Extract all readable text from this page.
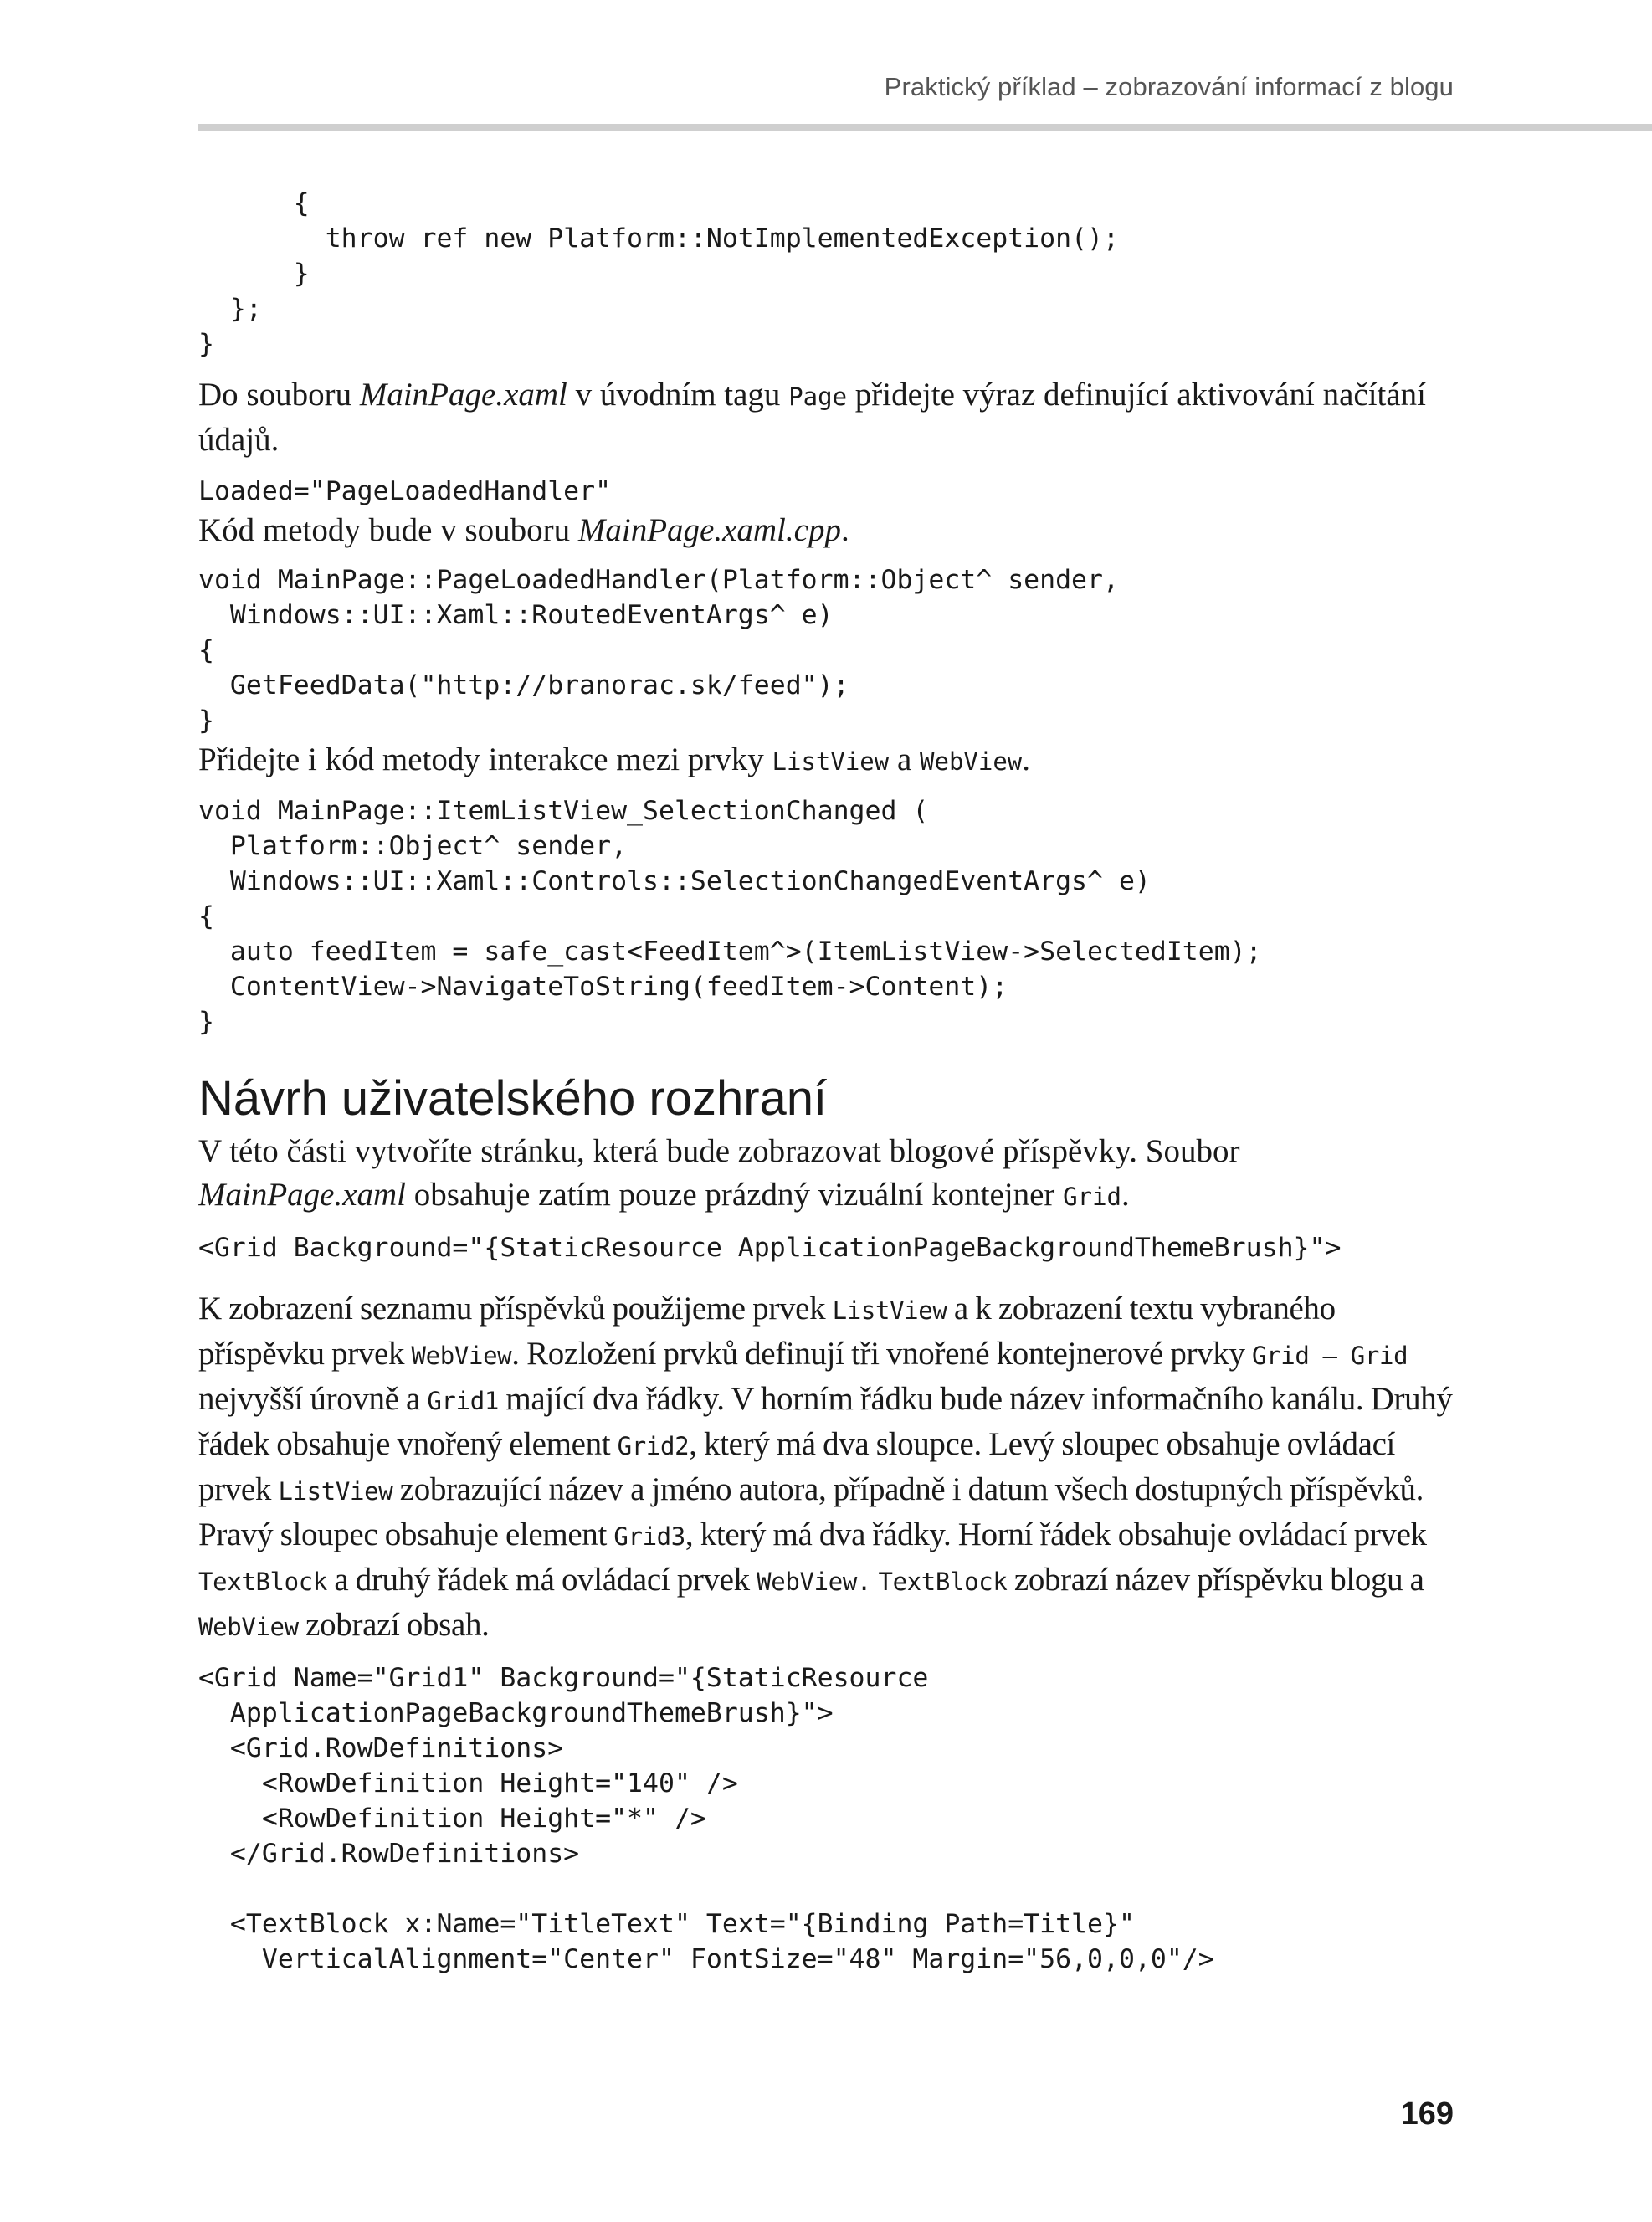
Praktický příklad – zobrazování informací z blogu
{
throw ref new Platform::NotImplementedException();
}
};
}

Do souboru MainPage.xaml v úvodním tagu Page přidejte výraz definující aktivování načítání údajů.

Loaded="PageLoadedHandler"

Kód metody bude v souboru MainPage.xaml.cpp.

void MainPage::PageLoadedHandler(Platform::Object^ sender,
Windows::UI::Xaml::RoutedEventArgs^ e)
{
GetFeedData("http://branorac.sk/feed");
}

Přidejte i kód metody interakce mezi prvky ListView a WebView.

void MainPage::ItemListView_SelectionChanged (
Platform::Object^ sender,
Windows::UI::Xaml::Controls::SelectionChangedEventArgs^ e)
{
auto feedItem = safe_cast<FeedItem^>(ItemListView->SelectedItem);
ContentView->NavigateToString(feedItem->Content);
}
Návrh uživatelského rozhraní

V této části vytvoříte stránku, která bude zobrazovat blogové příspěvky. Soubor MainPage.xaml obsahuje zatím pouze prázdný vizuální kontejner Grid.

<Grid Background="{StaticResource ApplicationPageBackgroundThemeBrush}">

K zobrazení seznamu příspěvků použijeme prvek ListView a k zobrazení textu vybraného příspěvku prvek WebView. Rozložení prvků definují tři vnořené kontejnerové prvky Grid – Grid nejvyšší úrovně a Grid1 mající dva řádky. V horním řádku bude název informačního kanálu. Druhý řádek obsahuje vnořený element Grid2, který má dva sloupce. Levý sloupec obsahuje ovládací prvek ListView zobrazující název a jméno autora, případně i datum všech dostupných příspěvků. Pravý sloupec obsahuje element Grid3, který má dva řádky. Horní řádek obsahuje ovládací prvek TextBlock a druhý řádek má ovládací prvek WebView. TextBlock zobrazí název příspěvku blogu a WebView zobrazí obsah.

<Grid Name="Grid1" Background="{StaticResource
ApplicationPageBackgroundThemeBrush}">
<Grid.RowDefinitions>
<RowDefinition Height="140" />
<RowDefinition Height="*" />
</Grid.RowDefinitions>

<TextBlock x:Name="TitleText" Text="{Binding Path=Title}"
VerticalAlignment="Center" FontSize="48" Margin="56,0,0,0"/>
169
